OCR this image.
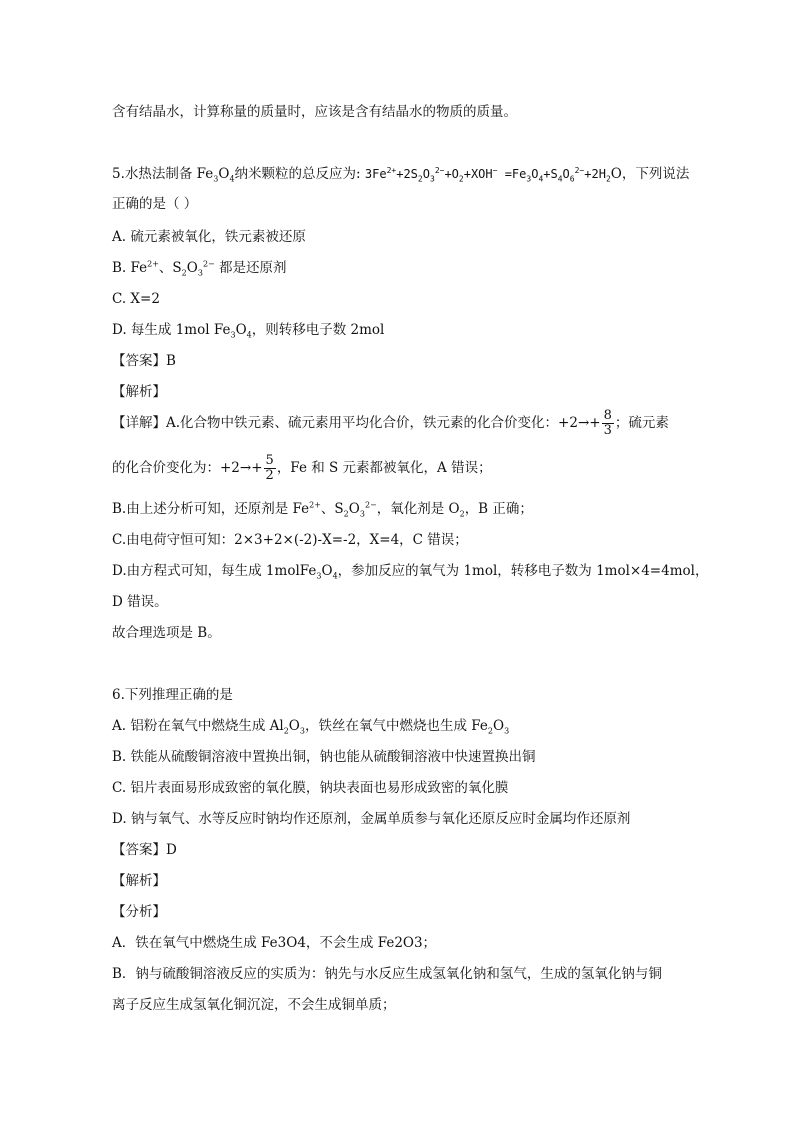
含有结晶水，计算称量的质量时，应该是含有结晶水的物质的质量。
5.水热法制备 $Fe_3O_4$纳米颗粒的总反应为: $3Fe^{2+}+2S_2O_3^{2-}+O_2+XOH^- =Fe_3O_4+S_4O_6^{2-}+2H_2O$，下列说法
正确的是（ ）
A. 硫元素被氧化，铁元素被还原
B. $Fe^{2+}$、$S_2O_3^{2-}$ 都是还原剂
C. X=2
D. 每生成 1mol $Fe_3O_4$，则转移电子数 2mol
【答案】B
【解析】
【详解】A.化合物中铁元素、硫元素用平均化合价，铁元素的化合价变化：$+2\to+ \frac{8}{3}$ ；硫元素
的化合价变化为：$+2\to+ \frac{5}{2}$ ，Fe 和 S 元素都被氧化，A 错误；
B.由上述分析可知，还原剂是 $Fe^{2+}$、$S_2O_3^{2-}$，氧化剂是 $O_2$，B 正确；
C.由电荷守恒可知：2×3+2×(-2)-X=-2，X=4，C 错误；
D.由方程式可知，每生成 $1molFe_3O_4$，参加反应的氧气为 1mol，转移电子数为 1mol×4=4mol，
D 错误。
故合理选项是 B。
6.下列推理正确的是
A. 铝粉在氧气中燃烧生成 $Al_2O_3$，铁丝在氧气中燃烧也生成 $Fe_2O_3$
B. 铁能从硫酸铜溶液中置换出铜，钠也能从硫酸铜溶液中快速置换出铜
C. 铝片表面易形成致密的氧化膜，钠块表面也易形成致密的氧化膜
D. 钠与氧气、水等反应时钠均作还原剂，金属单质参与氧化还原反应时金属均作还原剂
【答案】D
【解析】
【分析】
A．铁在氧气中燃烧生成 Fe3O4，不会生成 Fe2O3；
B．钠与硫酸铜溶液反应的实质为：钠先与水反应生成氢氧化钠和氢气，生成的氢氧化钠与铜
离子反应生成氢氧化铜沉淀，不会生成铜单质；
